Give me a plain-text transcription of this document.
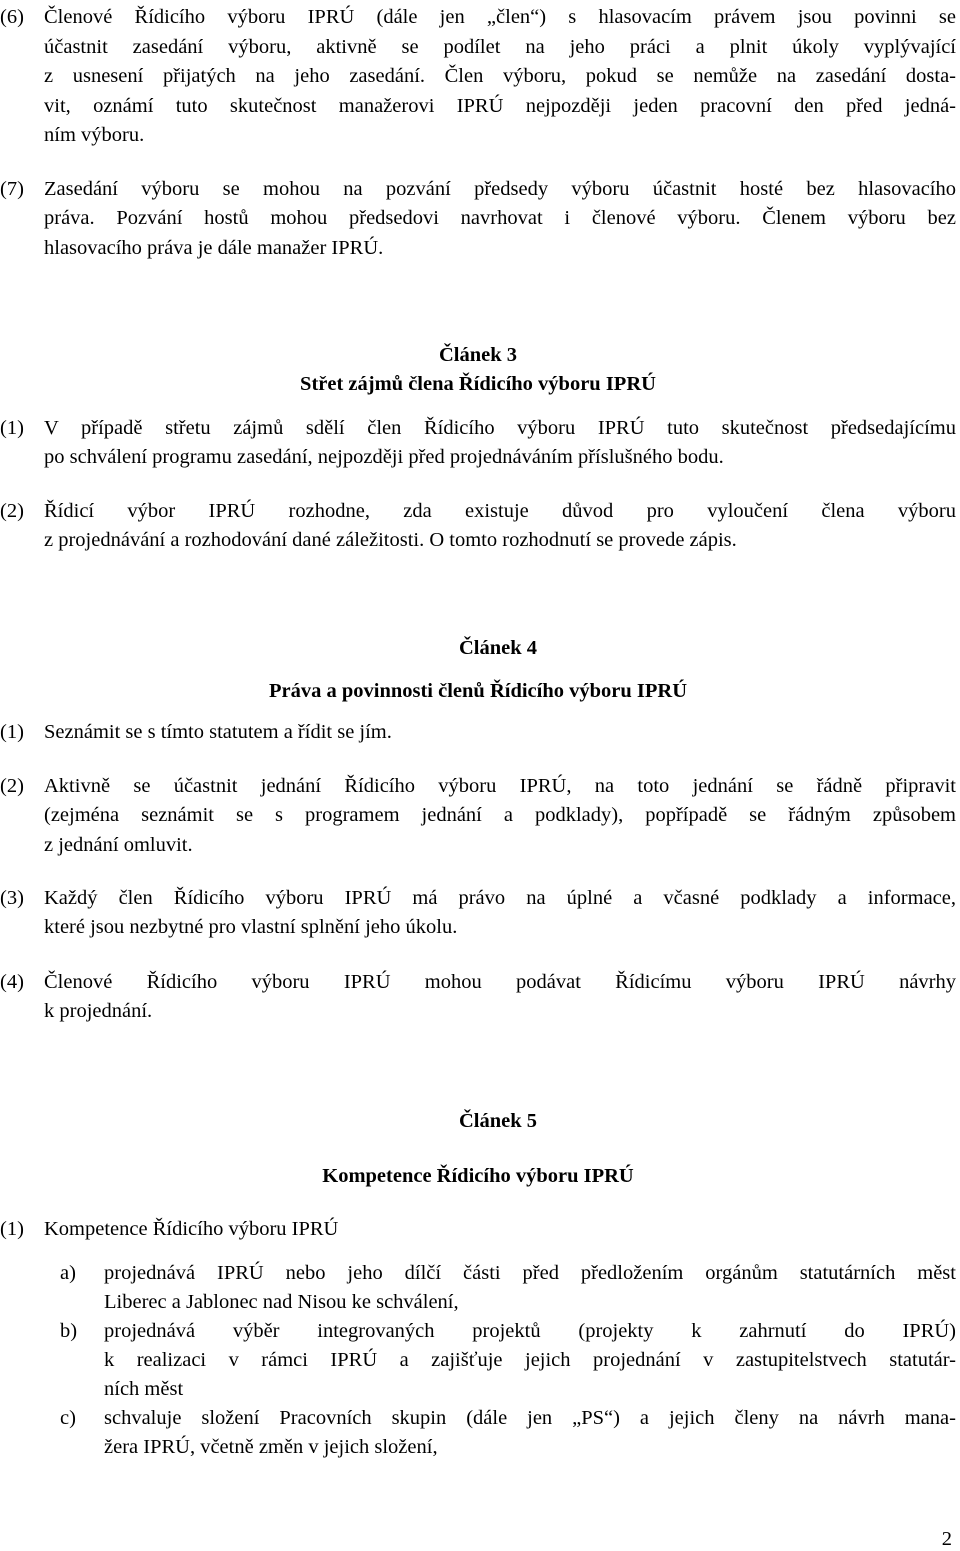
(6) Členové Řídicího výboru IPRÚ (dále jen „člen“) s hlasovacím právem jsou povinni se
účastnit zasedání výboru, aktivně se podílet na jeho práci a plnit úkoly vyplývající
z usnesení přijatých na jeho zasedání. Člen výboru, pokud se nemůže na zasedání dosta-
vit, oznámí tuto skutečnost manažerovi IPRÚ nejpozději jeden pracovní den před jedná-
ním výboru.
(7) Zasedání výboru se mohou na pozvání předsedy výboru účastnit hosté bez hlasovacího
práva. Pozvání hostů mohou předsedovi navrhovat i členové výboru. Členem výboru bez
hlasovacího práva je dále manažer IPRÚ.
Článek 3
Střet zájmů člena Řídicího výboru IPRÚ
(1) V případě střetu zájmů sdělí člen Řídicího výboru IPRÚ tuto skutečnost předsedajícímu
po schválení programu zasedání, nejpozději před projednáváním příslušného bodu.
(2) Řídicí výbor IPRÚ rozhodne, zda existuje důvod pro vyloučení člena výboru
z projednávání a rozhodování dané záležitosti. O tomto rozhodnutí se provede zápis.
Článek 4
Práva a povinnosti členů Řídicího výboru IPRÚ
(1) Seznámit se s tímto statutem a řídit se jím.
(2) Aktivně se účastnit jednání Řídicího výboru IPRÚ, na toto jednání se řádně připravit
(zejména seznámit se s programem jednání a podklady), popřípadě se řádným způsobem
z jednání omluvit.
(3) Každý člen Řídicího výboru IPRÚ má právo na úplné a včasné podklady a informace,
které jsou nezbytné pro vlastní splnění jeho úkolu.
(4) Členové Řídicího výboru IPRÚ mohou podávat Řídicímu výboru IPRÚ návrhy
k projednání.
Článek 5
Kompetence Řídicího výboru IPRÚ
(1) Kompetence Řídicího výboru IPRÚ
a) projednává IPRÚ nebo jeho dílčí části před předložením orgánům statutárních měst
Liberec a Jablonec nad Nisou ke schválení,
b) projednává výběr integrovaných projektů (projekty k zahrnutí do IPRÚ)
k realizaci v rámci IPRÚ a zajišťuje jejich projednání v zastupitelstvech statutár-
ních měst
c) schvaluje složení Pracovních skupin (dále jen „PS“) a jejich členy na návrh mana-
žera IPRÚ, včetně změn v jejich složení,
2
